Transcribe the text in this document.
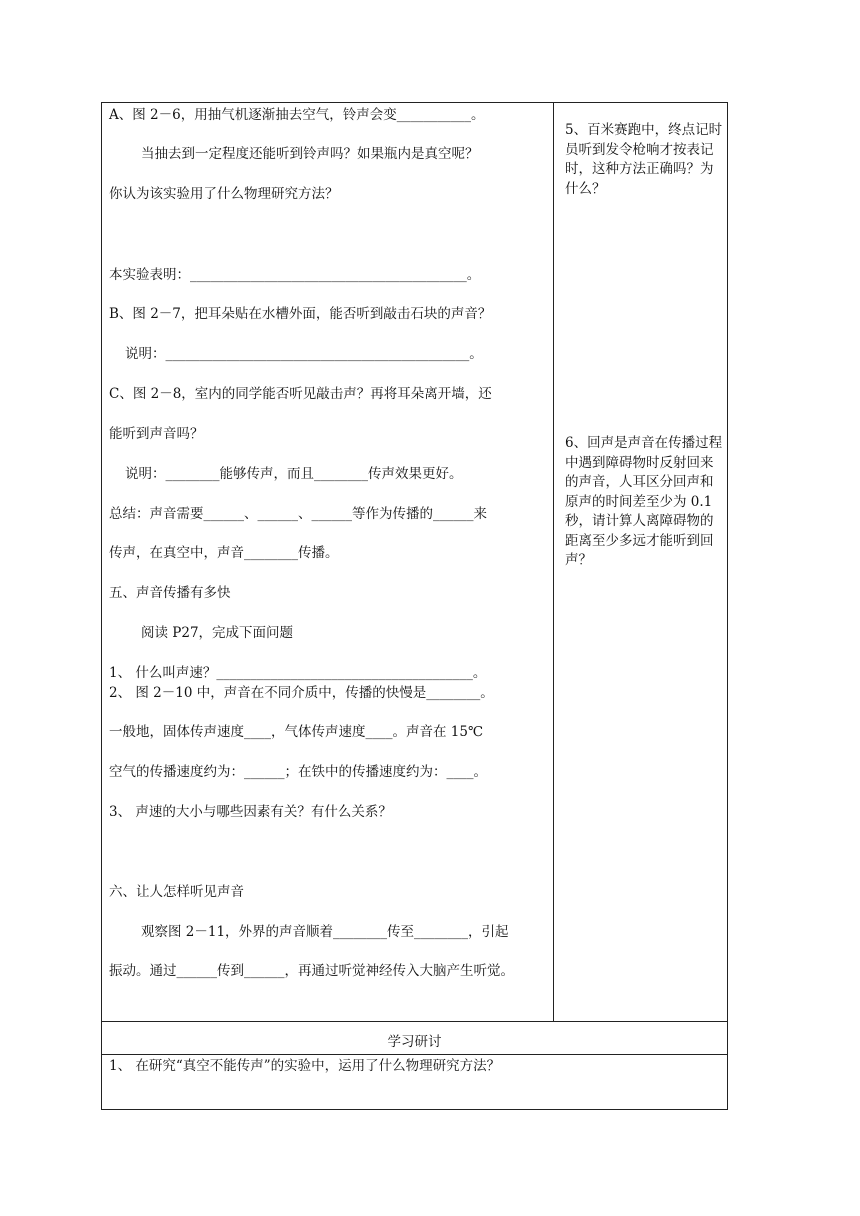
A、图 2－6，用抽气机逐渐抽去空气，铃声会变___________。
当抽去到一定程度还能听到铃声吗？如果瓶内是真空呢？
你认为该实验用了什么物理研究方法？
本实验表明：_________________________________________。
B、图 2－7，把耳朵贴在水槽外面，能否听到敲击石块的声音？
说明：_____________________________________________。
C、图 2－8，室内的同学能否听见敲击声？再将耳朵离开墙，还
能听到声音吗？
说明：________能够传声，而且________传声效果更好。
总结：声音需要______、______、______等作为传播的______来
传声，在真空中，声音________传播。
五、声音传播有多快
阅读 P27，完成下面问题
1、 什么叫声速？______________________________________。
2、 图 2－10 中，声音在不同介质中，传播的快慢是________。
一般地，固体传声速度____，气体传声速度____。声音在 15℃
空气的传播速度约为：______；在铁中的传播速度约为：____。
3、 声速的大小与哪些因素有关？有什么关系？
六、让人怎样听见声音
观察图 2－11，外界的声音顺着________传至________，引起
振动。通过______传到______，再通过听觉神经传入大脑产生听觉。
5、百米赛跑中，终点记时员听到发令枪响才按表记时，这种方法正确吗？为什么？
6、回声是声音在传播过程中遇到障碍物时反射回来的声音，人耳区分回声和原声的时间差至少为 0.1 秒，请计算人离障碍物的距离至少多远才能听到回声？
学习研讨
1、 在研究“真空不能传声”的实验中，运用了什么物理研究方法？
